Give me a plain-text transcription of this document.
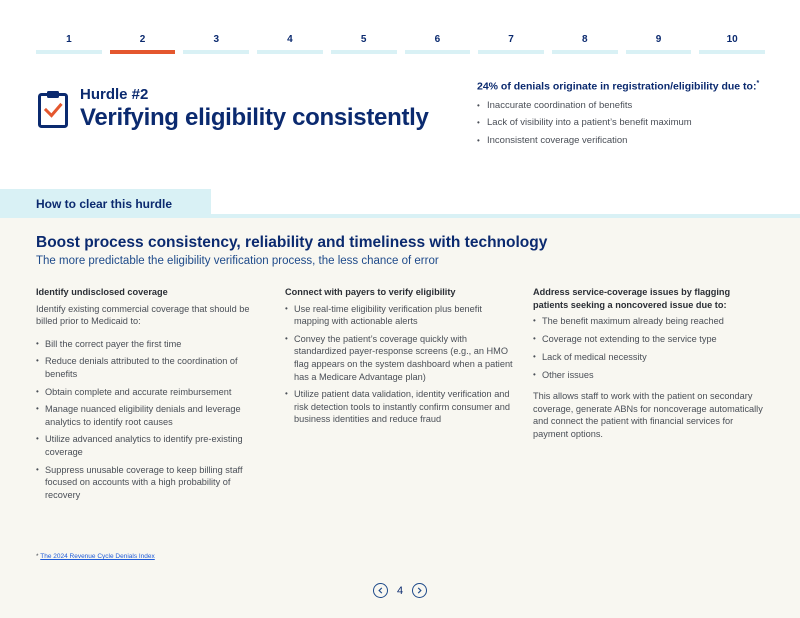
1	2	3	4	5	6	7	8	9	10
Hurdle #2
Verifying eligibility consistently
24% of denials originate in registration/eligibility due to:*
• Inaccurate coordination of benefits
• Lack of visibility into a patient’s benefit maximum
• Inconsistent coverage verification
How to clear this hurdle
Boost process consistency, reliability and timeliness with technology
The more predictable the eligibility verification process, the less chance of error
Identify undisclosed coverage

Identify existing commercial coverage that should be billed prior to Medicaid to:

• Bill the correct payer the first time
• Reduce denials attributed to the coordination of benefits
• Obtain complete and accurate reimbursement
• Manage nuanced eligibility denials and leverage analytics to identify root causes
• Utilize advanced analytics to identify pre-existing coverage
• Suppress unusable coverage to keep billing staff focused on accounts with a high probability of recovery
Connect with payers to verify eligibility
• Use real-time eligibility verification plus benefit mapping with actionable alerts
• Convey the patient’s coverage quickly with standardized payer-response screens (e.g., an HMO flag appears on the system dashboard when a patient has a Medicare Advantage plan)
• Utilize patient data validation, identity verification and risk detection tools to instantly confirm consumer and business identities and reduce fraud
Address service-coverage issues by flagging patients seeking a noncovered issue due to:
• The benefit maximum already being reached
• Coverage not extending to the service type
• Lack of medical necessity
• Other issues

This allows staff to work with the patient on secondary coverage, generate ABNs for noncoverage automatically and connect the patient with financial services for payment options.

* The 2024 Revenue Cycle Denials Index
4
